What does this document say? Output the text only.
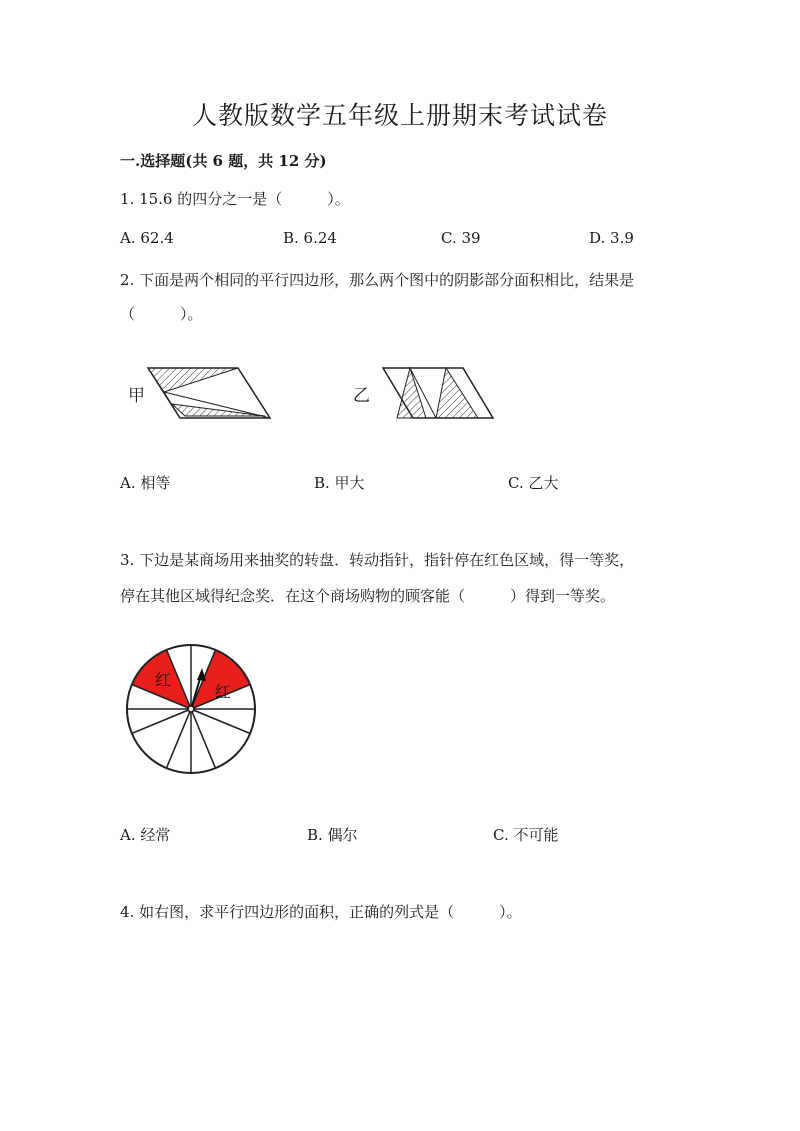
人教版数学五年级上册期末考试试卷
一.选择题(共 6 题，共 12 分)
1. 15.6 的四分之一是（　　　）。
A. 62.4	B. 6.24	C. 39	D. 3.9
2. 下面是两个相同的平行四边形，那么两个图中的阴影部分面积相比，结果是
（　　　）。
甲	乙
A. 相等	B. 甲大	C. 乙大
3. 下边是某商场用来抽奖的转盘．转动指针，指针停在红色区域，得一等奖，
停在其他区域得纪念奖．在这个商场购物的顾客能（　　　）得到一等奖。
红
红
A. 经常	B. 偶尔	C. 不可能
4. 如右图，求平行四边形的面积，正确的列式是（　　　）。
